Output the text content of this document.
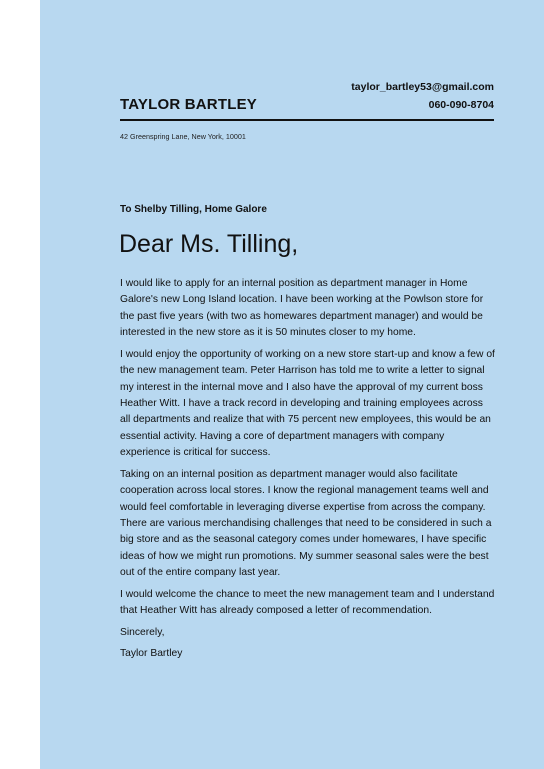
taylor_bartley53@gmail.com
060-090-8704
TAYLOR BARTLEY
42 Greenspring Lane, New York, 10001
To Shelby Tilling, Home Galore
Dear Ms. Tilling,

I would like to apply for an internal position as department manager in Home Galore's new Long Island location. I have been working at the Powlson store for the past five years (with two as homewares department manager) and would be interested in the new store as it is 50 minutes closer to my home.

I would enjoy the opportunity of working on a new store start-up and know a few of the new management team. Peter Harrison has told me to write a letter to signal my interest in the internal move and I also have the approval of my current boss Heather Witt. I have a track record in developing and training employees across all departments and realize that with 75 percent new employees, this would be an essential activity. Having a core of department managers with company experience is critical for success.

Taking on an internal position as department manager would also facilitate cooperation across local stores. I know the regional management teams well and would feel comfortable in leveraging diverse expertise from across the company. There are various merchandising challenges that need to be considered in such a big store and as the seasonal category comes under homewares, I have specific ideas of how we might run promotions. My summer seasonal sales were the best out of the entire company last year.

I would welcome the chance to meet the new management team and I understand that Heather Witt has already composed a letter of recommendation.

Sincerely,

Taylor Bartley
